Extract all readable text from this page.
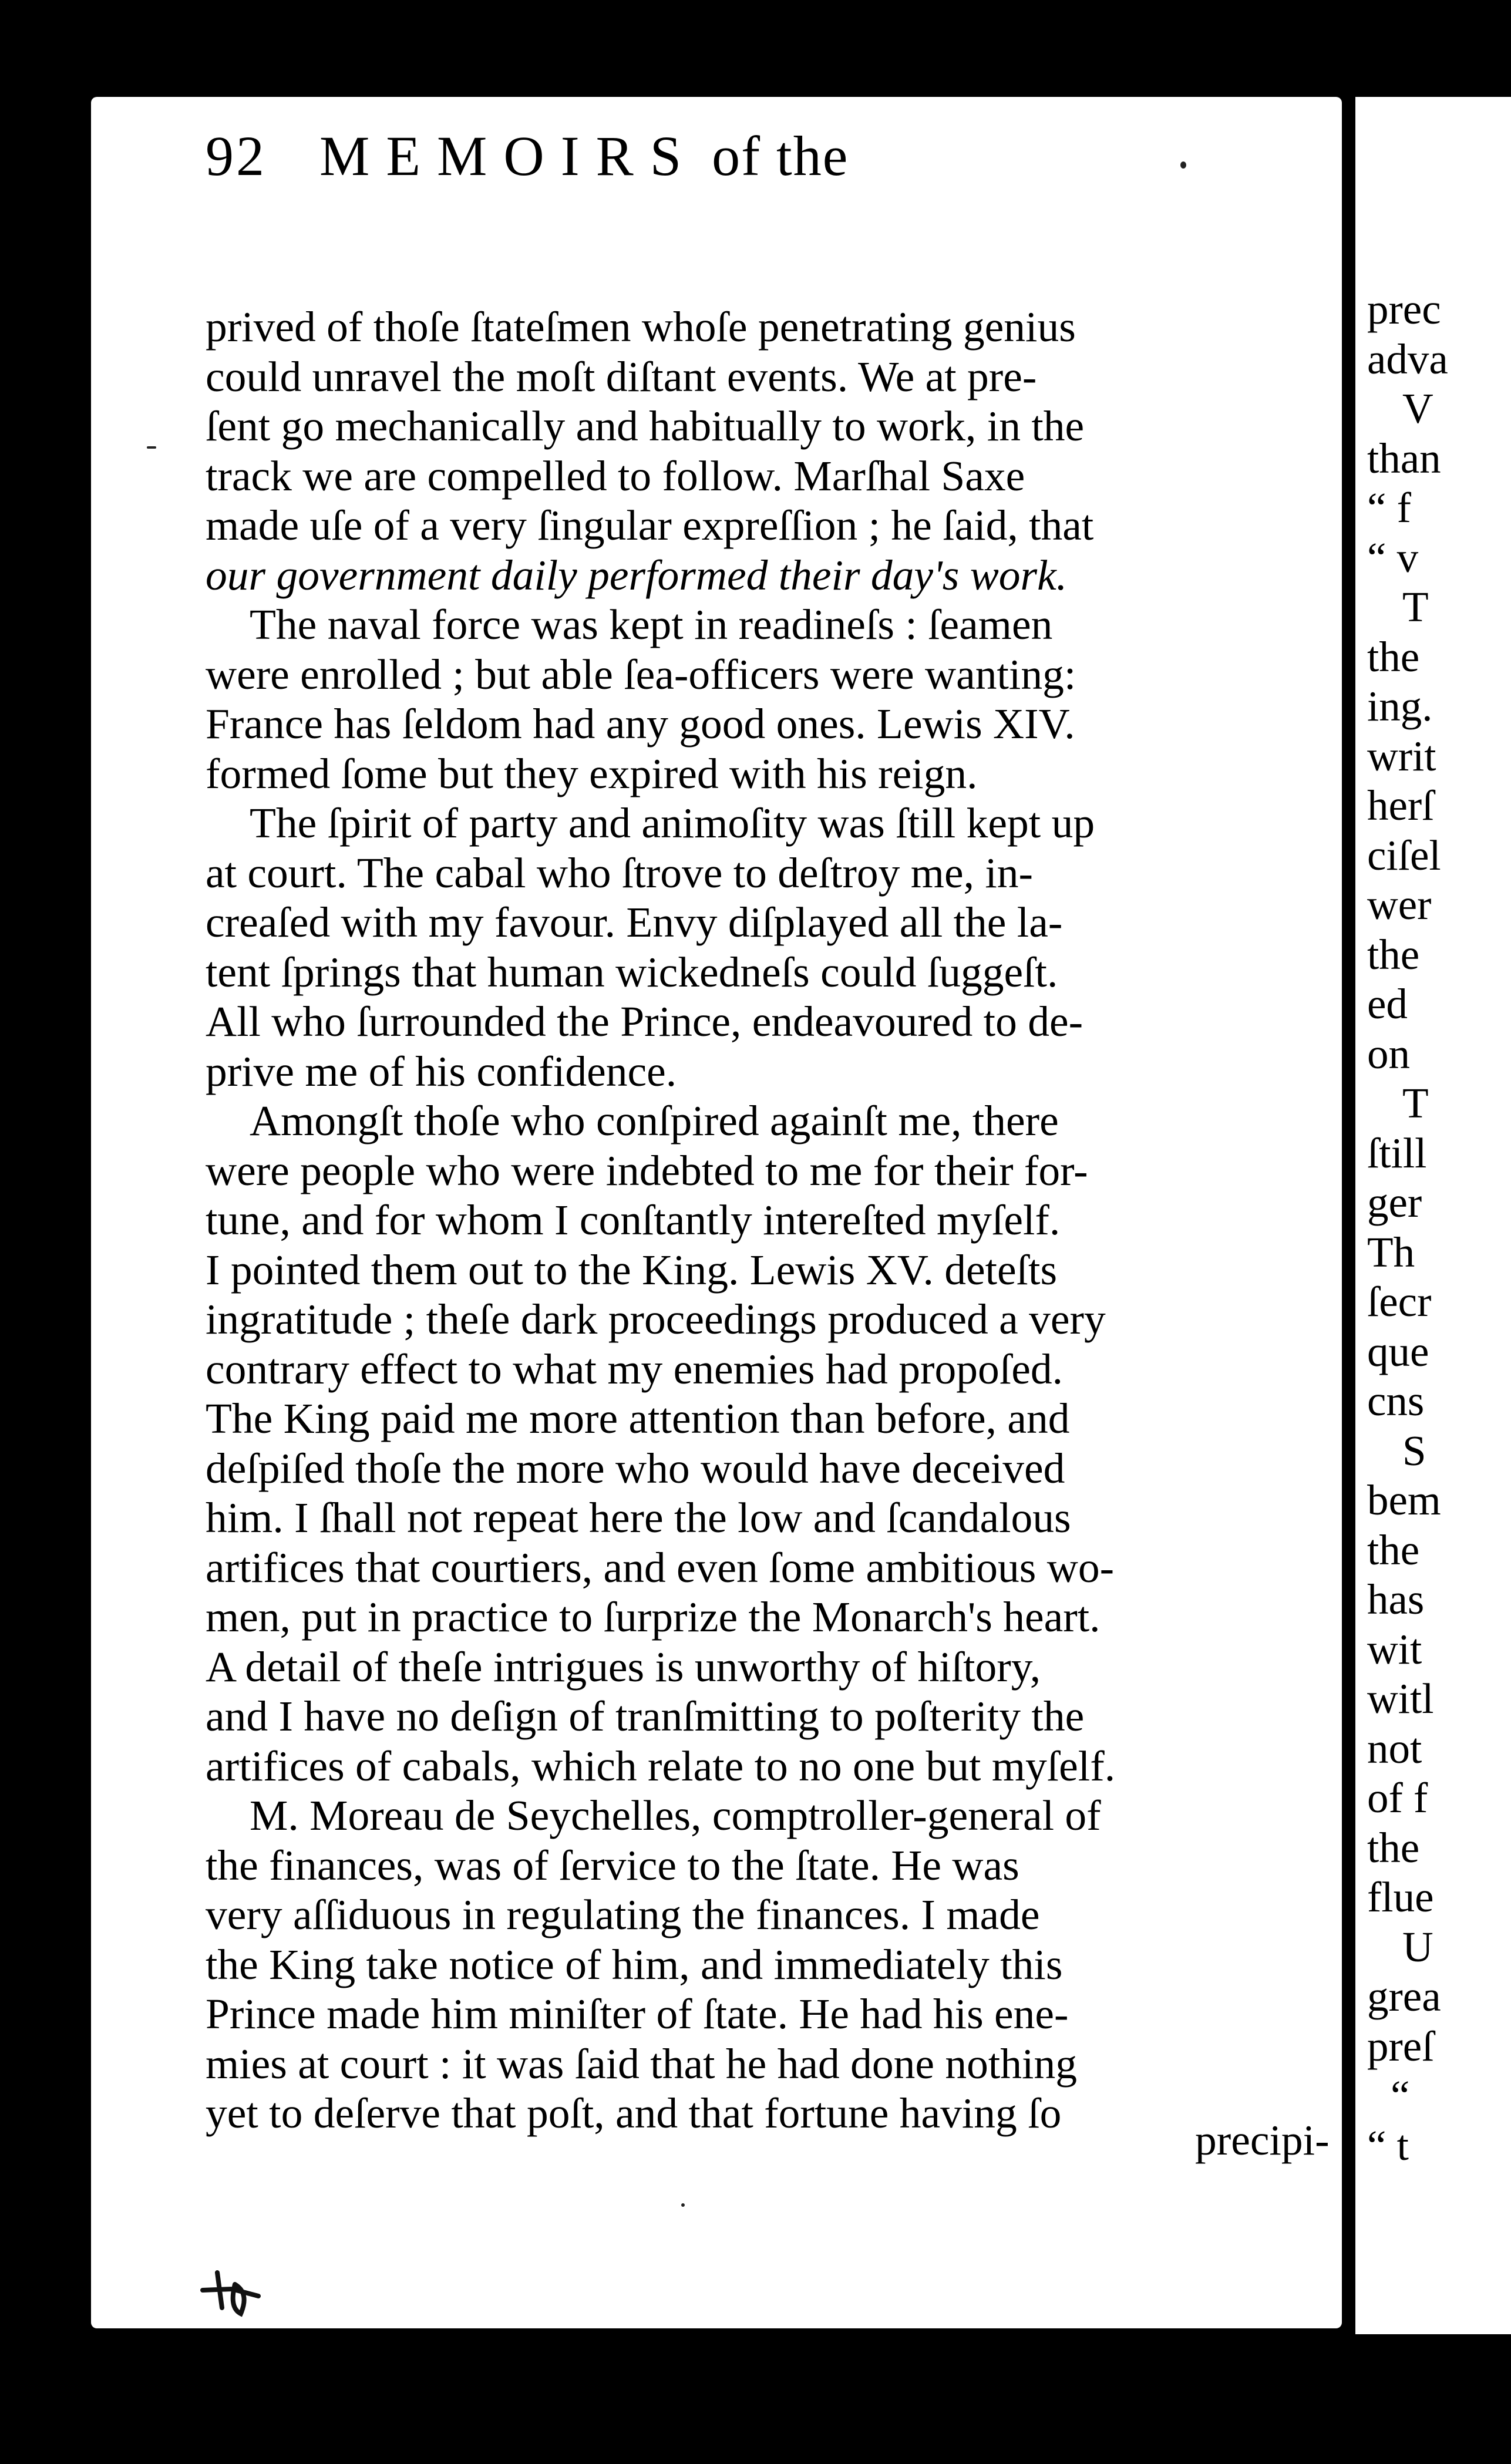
92 MEMOIRS of the
prived of thoſe ſtateſmen whoſe penetrating genius
could unravel the moſt diſtant events. We at pre-
ſent go mechanically and habitually to work, in the
track we are compelled to follow. Marſhal Saxe
made uſe of a very ſingular expreſſion ; he ſaid, that
our government daily performed their day's work.
The naval force was kept in readineſs : ſeamen
were enrolled ; but able ſea-officers were wanting:
France has ſeldom had any good ones. Lewis XIV.
formed ſome but they expired with his reign.
The ſpirit of party and animoſity was ſtill kept up
at court. The cabal who ſtrove to deſtroy me, in-
creaſed with my favour. Envy diſplayed all the la-
tent ſprings that human wickedneſs could ſuggeſt.
All who ſurrounded the Prince, endeavoured to de-
prive me of his confidence.
Amongſt thoſe who conſpired againſt me, there
were people who were indebted to me for their for-
tune, and for whom I conſtantly intereſted myſelf.
I pointed them out to the King. Lewis XV. deteſts
ingratitude ; theſe dark proceedings produced a very
contrary effect to what my enemies had propoſed.
The King paid me more attention than before, and
deſpiſed thoſe the more who would have deceived
him. I ſhall not repeat here the low and ſcandalous
artifices that courtiers, and even ſome ambitious wo-
men, put in practice to ſurprize the Monarch's heart.
A detail of theſe intrigues is unworthy of hiſtory,
and I have no deſign of tranſmitting to poſterity the
artifices of cabals, which relate to no one but myſelf.
M. Moreau de Seychelles, comptroller-general of
the finances, was of ſervice to the ſtate. He was
very aſſiduous in regulating the finances. I made
the King take notice of him, and immediately this
Prince made him miniſter of ſtate. He had his ene-
mies at court : it was ſaid that he had done nothing
yet to deſerve that poſt, and that fortune having ſo
precipi-
prec
adva
V
than
“ f
“ v
T
the
ing.
writ
herſ
ciſel
wer
the
ed
on
T
ſtill
ger
Th
ſecr
que
cns
S
bem
the
has
wit
witl
not
of f
the
flue
U
grea
preſ
“
“ t
